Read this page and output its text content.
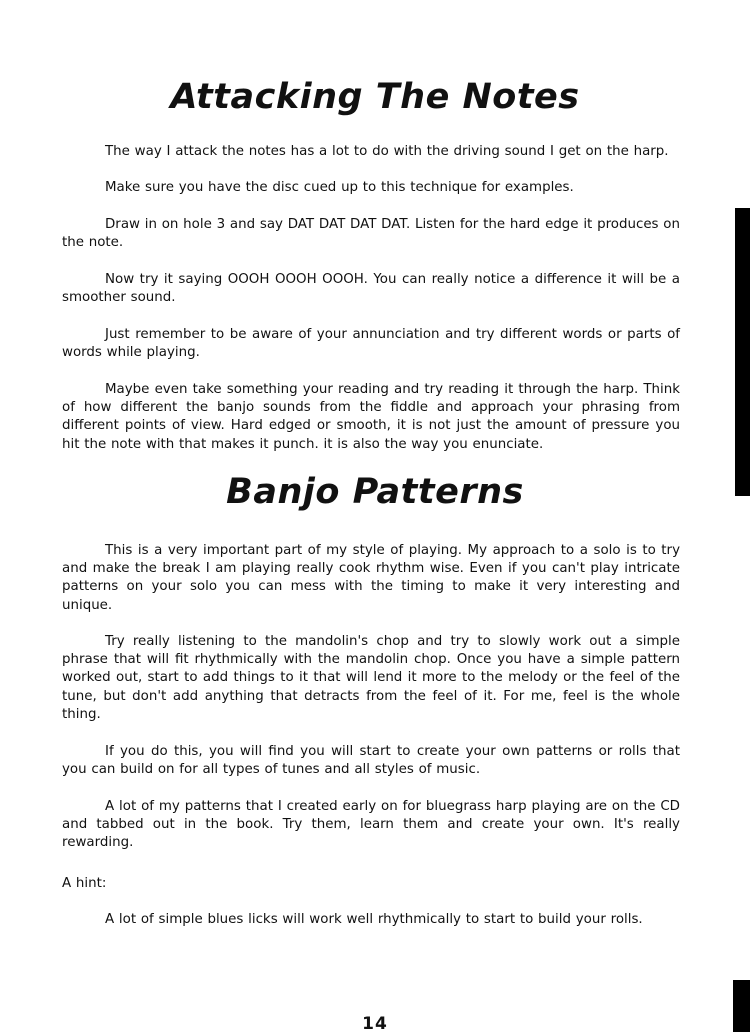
Attacking The Notes

The way I attack the notes has a lot to do with the driving sound I get on the harp.

Make sure you have the disc cued up to this technique for examples.

Draw in on hole 3 and say DAT DAT DAT DAT. Listen for the hard edge it produces on the note.

Now try it saying OOOH OOOH OOOH. You can really notice a difference it will be a smoother sound.

Just remember to be aware of your annunciation and try different words or parts of words while playing.

Maybe even take something your reading and try reading it through the harp. Think of how different the banjo sounds from the fiddle and approach your phrasing from different points of view. Hard edged or smooth, it is not just the amount of pressure you hit the note with that makes it punch. it is also the way you enunciate.

Banjo Patterns

This is a very important part of my style of playing. My approach to a solo is to try and make the break I am playing really cook rhythm wise. Even if you can't play intricate patterns on your solo you can mess with the timing to make it very interesting and unique.

Try really listening to the mandolin's chop and try to slowly work out a simple phrase that will fit rhythmically with the mandolin chop. Once you have a simple pattern worked out, start to add things to it that will lend it more to the melody or the feel of the tune, but don't add anything that detracts from the feel of it. For me, feel is the whole thing.

If you do this, you will find you will start to create your own patterns or rolls that you can build on for all types of tunes and all styles of music.

A lot of my patterns that I created early on for bluegrass harp playing are on the CD and tabbed out in the book. Try them, learn them and create your own. It's really rewarding.

A hint:

A lot of simple blues licks will work well rhythmically to start to build your rolls.

14
